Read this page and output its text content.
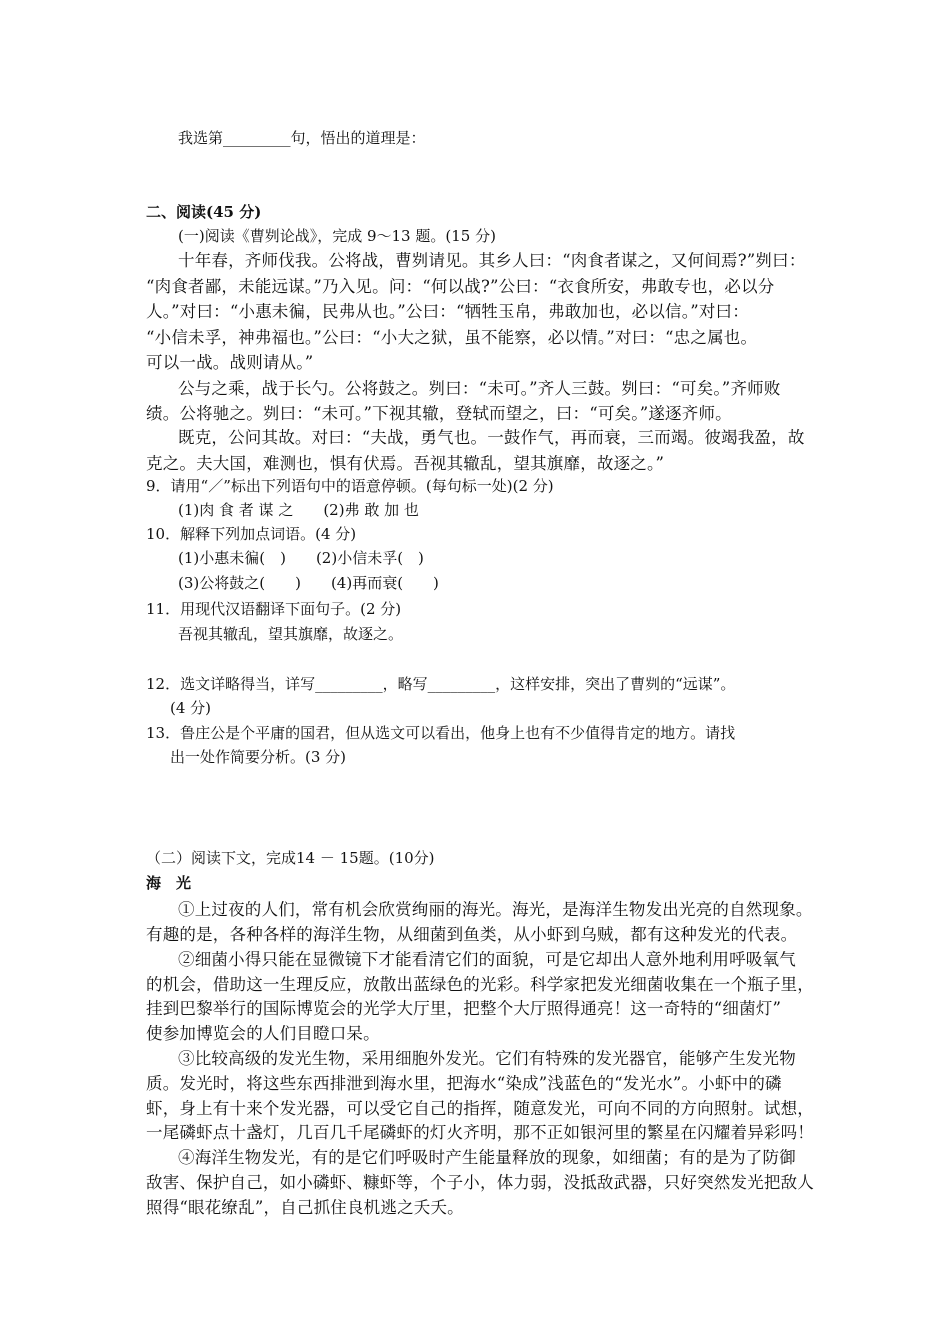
我选第_________句，悟出的道理是：
二、阅读(45 分)
(一)阅读《曹刿论战》，完成 9～13 题。(15 分)
十年春，齐师伐我。公将战，曹刿请见。其乡人曰：“肉食者谋之，又何间焉?”刿曰：
“肉食者鄙，未能远谋。”乃入见。问：“何以战?”公曰：“衣食所安，弗敢专也，必以分
人。”对曰：“小惠未徧，民弗从也。”公曰：“牺牲玉帛，弗敢加也，必以信。”对曰：
“小信未孚，神弗福也。”公曰：“小大之狱，虽不能察，必以情。”对曰：“忠之属也。
可以一战。战则请从。”
公与之乘，战于长勺。公将鼓之。刿曰：“未可。”齐人三鼓。刿曰：“可矣。”齐师败
绩。公将驰之。刿曰：“未可。”下视其辙，登轼而望之，曰：“可矣。”遂逐齐师。
既克，公问其故。对曰：“夫战，勇气也。一鼓作气，再而衰，三而竭。彼竭我盈，故
克之。夫大国，难测也，惧有伏焉。吾视其辙乱，望其旗靡，故逐之。”
9．请用“／”标出下列语句中的语意停顿。(每句标一处)(2 分)
(1)肉 食 者 谋 之　　(2)弗 敢 加 也
10．解释下列加点词语。(4 分)
(1)小惠未徧(　)　　(2)小信未孚(　)
(3)公将鼓之(　　)　　(4)再而衰(　　)
11．用现代汉语翻译下面句子。(2 分)
吾视其辙乱，望其旗靡，故逐之。
12．选文详略得当，详写_________，略写_________，这样安排，突出了曹刿的“远谋”。
(4 分)
13．鲁庄公是个平庸的国君，但从选文可以看出，他身上也有不少值得肯定的地方。请找
出一处作简要分析。(3 分)
（二）阅读下文，完成14 － 15题。(10分)
海　光
①上过夜的人们，常有机会欣赏绚丽的海光。海光，是海洋生物发出光亮的自然现象。
有趣的是，各种各样的海洋生物，从细菌到鱼类，从小虾到乌贼，都有这种发光的代表。
②细菌小得只能在显微镜下才能看清它们的面貌，可是它却出人意外地利用呼吸氧气
的机会，借助这一生理反应，放散出蓝绿色的光彩。科学家把发光细菌收集在一个瓶子里，
挂到巴黎举行的国际博览会的光学大厅里，把整个大厅照得通亮！这一奇特的“细菌灯”
使参加博览会的人们目瞪口呆。
③比较高级的发光生物，采用细胞外发光。它们有特殊的发光器官，能够产生发光物
质。发光时，将这些东西排泄到海水里，把海水“染成”浅蓝色的“发光水”。小虾中的磷
虾，身上有十来个发光器，可以受它自己的指挥，随意发光，可向不同的方向照射。试想，
一尾磷虾点十盏灯，几百几千尾磷虾的灯火齐明，那不正如银河里的繁星在闪耀着异彩吗！
④海洋生物发光，有的是它们呼吸时产生能量释放的现象，如细菌；有的是为了防御
敌害、保护自己，如小磷虾、糠虾等，个子小，体力弱，没抵敌武器，只好突然发光把敌人
照得“眼花缭乱”，自己抓住良机逃之夭夭。
